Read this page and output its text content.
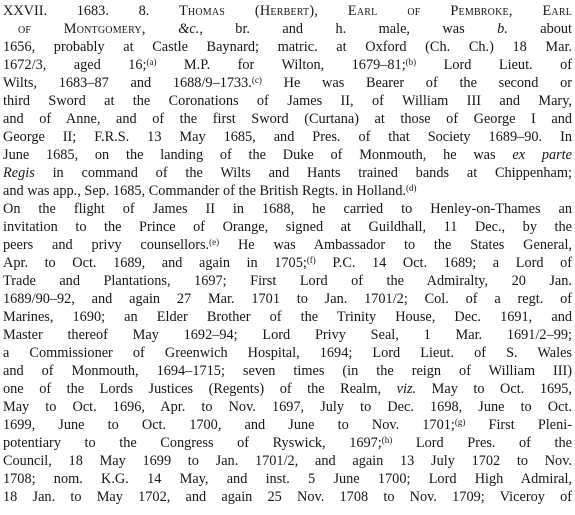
XXVII. 1683. 8. Thomas (Herbert), Earl of Pembroke, Earl
of Montgomery, &c., br. and h. male, was b. about
1656, probably at Castle Baynard; matric. at Oxford (Ch. Ch.) 18 Mar.
1672/3, aged 16;$^{(a)}$ M.P. for Wilton, 1679–81;$^{(b)}$ Lord Lieut. of
Wilts, 1683–87 and 1688/9–1733.$^{(c)}$ He was Bearer of the second or
third Sword at the Coronations of James II, of William III and Mary,
and of Anne, and of the first Sword (Curtana) at those of George I and
George II; F.R.S. 13 May 1685, and Pres. of that Society 1689–90. In
June 1685, on the landing of the Duke of Monmouth, he was ex parte
Regis in command of the Wilts and Hants trained bands at Chippenham;
and was app., Sep. 1685, Commander of the British Regts. in Holland.$^{(d)}$
On the flight of James II in 1688, he carried to Henley-on-Thames an
invitation to the Prince of Orange, signed at Guildhall, 11 Dec., by the
peers and privy counsellors.$^{(e)}$ He was Ambassador to the States General,
Apr. to Oct. 1689, and again in 1705;$^{(f)}$ P.C. 14 Oct. 1689; a Lord of
Trade and Plantations, 1697; First Lord of the Admiralty, 20 Jan.
1689/90–92, and again 27 Mar. 1701 to Jan. 1701/2; Col. of a regt. of
Marines, 1690; an Elder Brother of the Trinity House, Dec. 1691, and
Master thereof May 1692–94; Lord Privy Seal, 1 Mar. 1691/2–99;
a Commissioner of Greenwich Hospital, 1694; Lord Lieut. of S. Wales
and of Monmouth, 1694–1715; seven times (in the reign of William III)
one of the Lords Justices (Regents) of the Realm, viz. May to Oct. 1695,
May to Oct. 1696, Apr. to Nov. 1697, July to Dec. 1698, June to Oct.
1699, June to Oct. 1700, and June to Nov. 1701;$^{(g)}$ First Pleni-
potentiary to the Congress of Ryswick, 1697;$^{(h)}$ Lord Pres. of the
Council, 18 May 1699 to Jan. 1701/2, and again 13 July 1702 to Nov.
1708; nom. K.G. 14 May, and inst. 5 June 1700; Lord High Admiral,
18 Jan. to May 1702, and again 25 Nov. 1708 to Nov. 1709; Viceroy of
